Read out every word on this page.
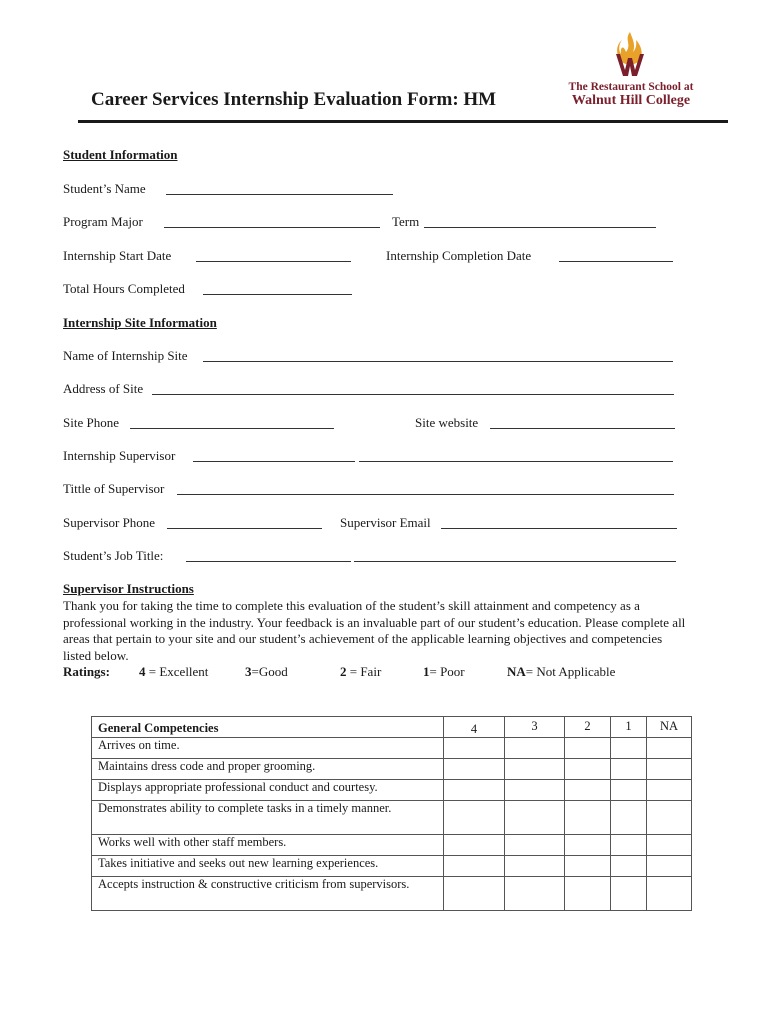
Career Services Internship Evaluation Form: HM
The Restaurant School at
Walnut Hill College
Student Information
Student’s Name
Program Major	Term
Internship Start Date	Internship Completion Date
Total Hours Completed
Internship Site Information
Name of Internship Site
Address of Site
Site Phone	Site website
Internship Supervisor
Tittle of Supervisor
Supervisor Phone	Supervisor Email
Student’s Job Title:
Supervisor Instructions
Thank you for taking the time to complete this evaluation of the student’s skill attainment and competency as a professional working in the industry. Your feedback is an invaluable part of our student’s education. Please complete all areas that pertain to your site and our student’s achievement of the applicable learning objectives and competencies listed below.
Ratings: 4 = Excellent	3=Good	2 = Fair	1= Poor	NA= Not Applicable
General Competencies	4	3	2	1	NA
Arrives on time.					
Maintains dress code and proper grooming.					
Displays appropriate professional conduct and courtesy.					
Demonstrates ability to complete tasks in a timely manner.					
Works well with other staff members.					
Takes initiative and seeks out new learning experiences.					
Accepts instruction & constructive criticism from supervisors.					
